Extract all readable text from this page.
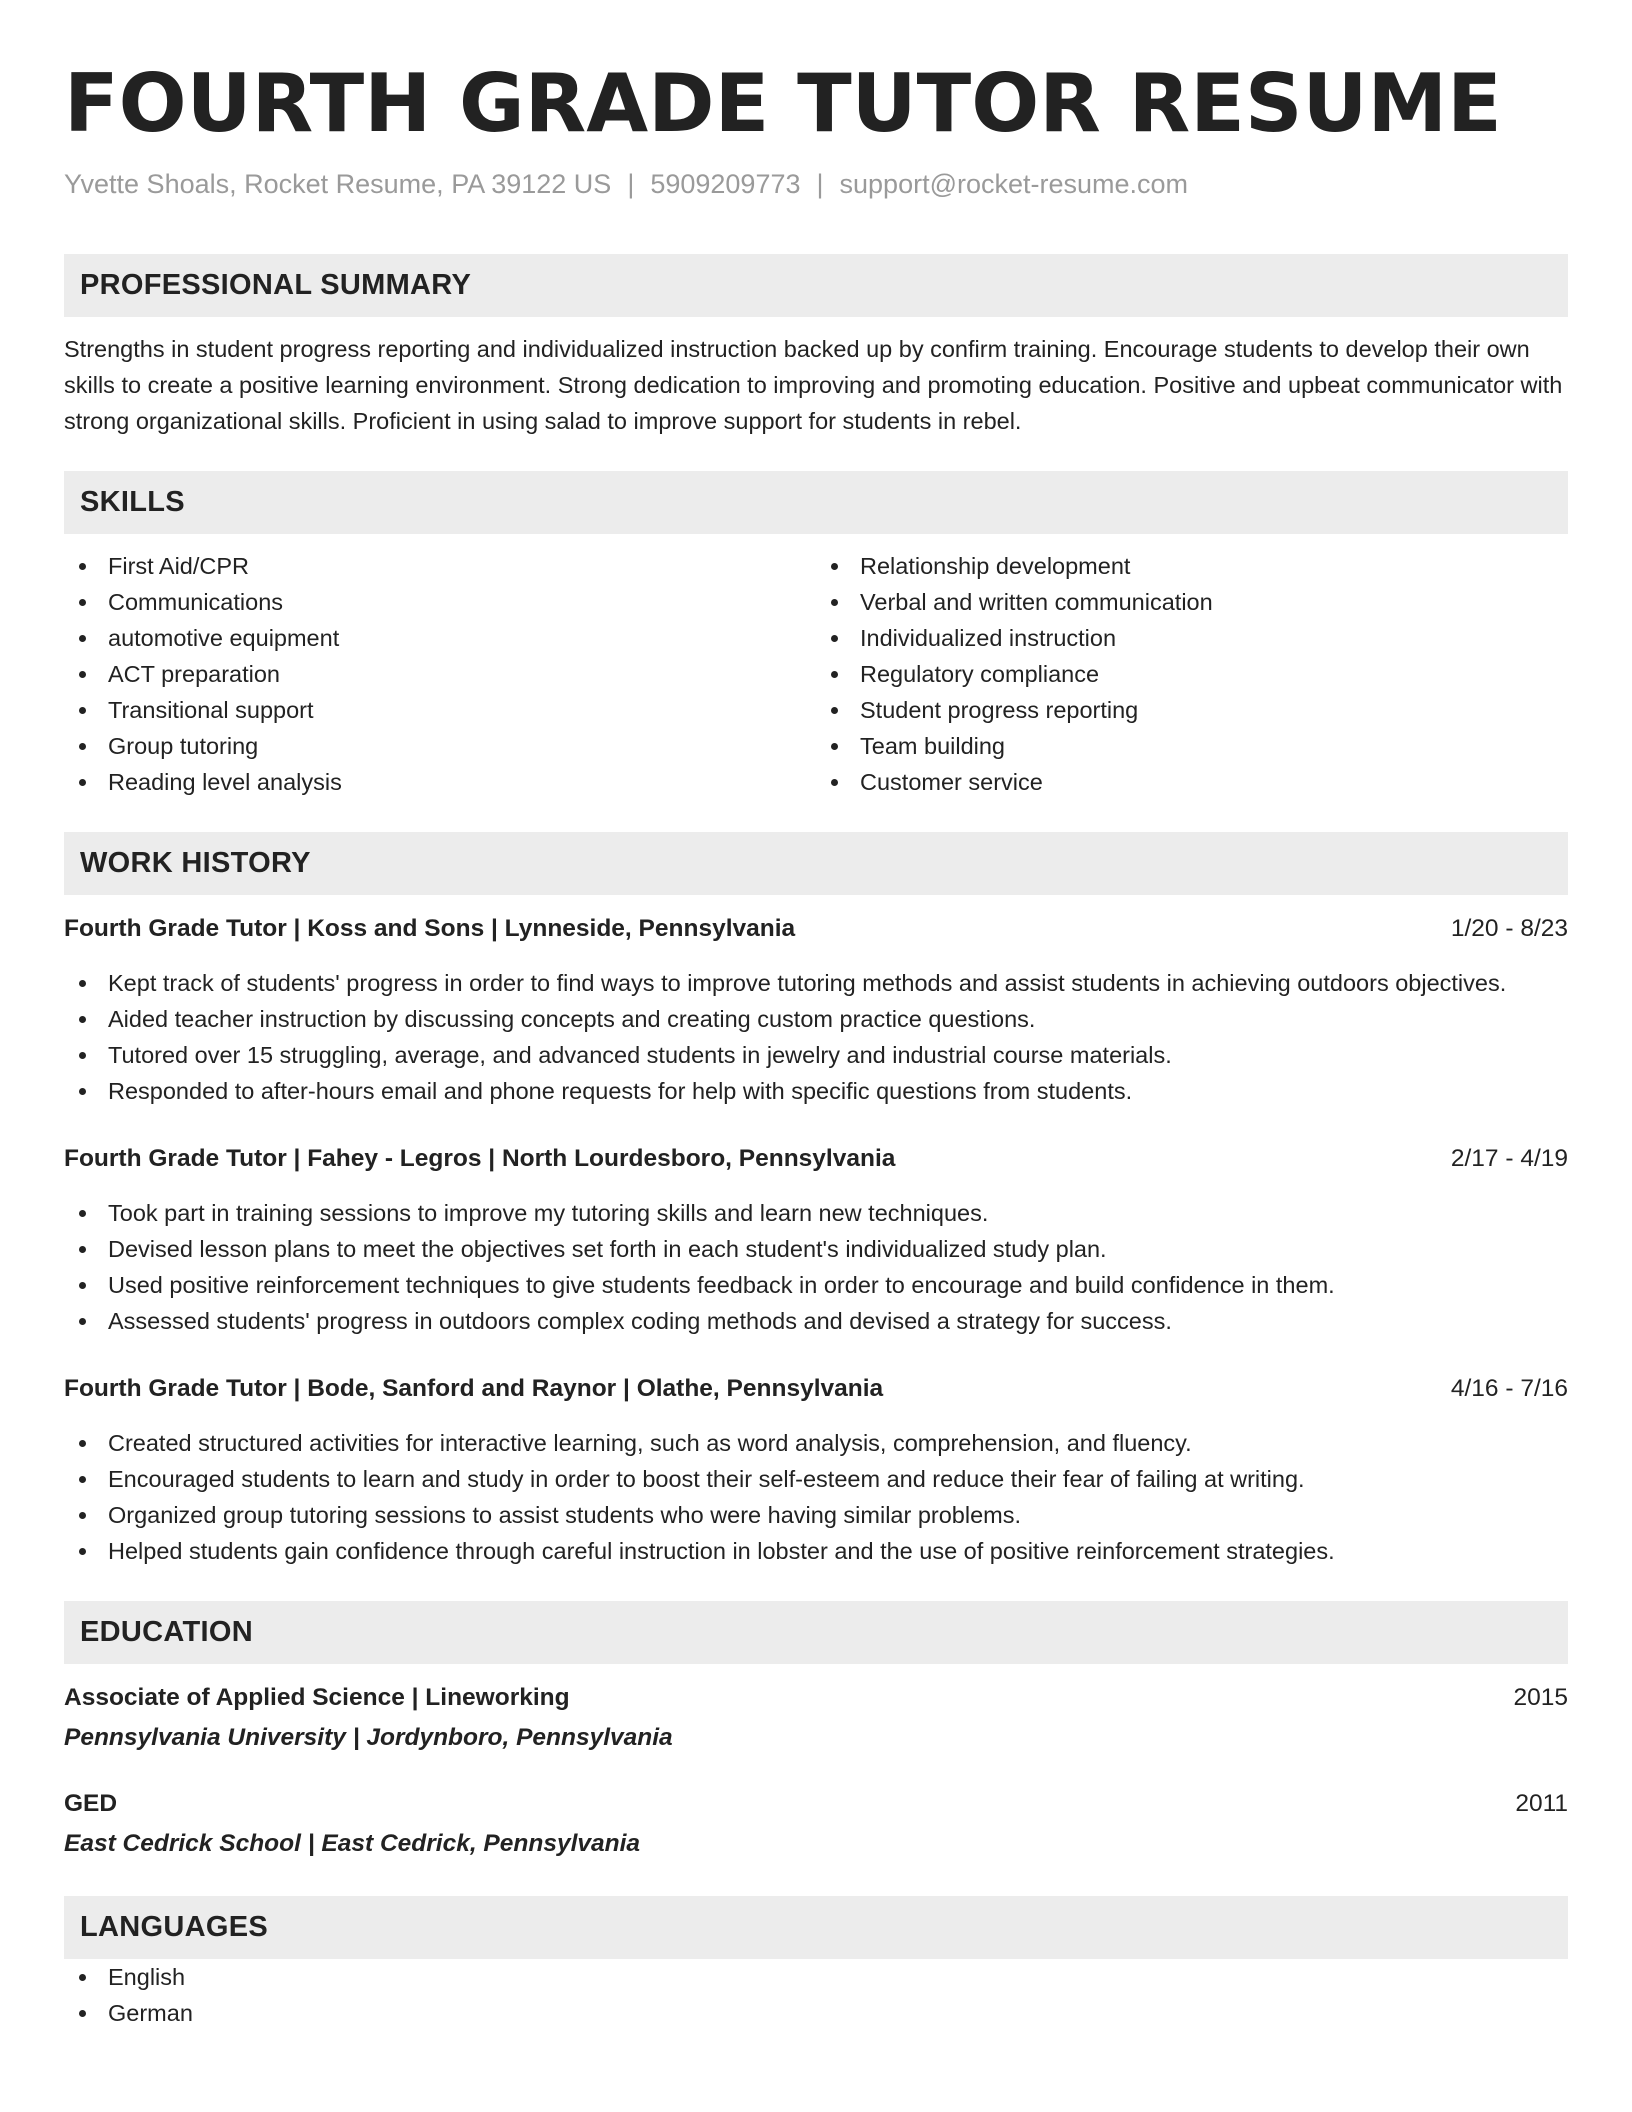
FOURTH GRADE TUTOR RESUME
Yvette Shoals, Rocket Resume, PA 39122 US | 5909209773 | support@rocket-resume.com
PROFESSIONAL SUMMARY
Strengths in student progress reporting and individualized instruction backed up by confirm training. Encourage students to develop their own skills to create a positive learning environment. Strong dedication to improving and promoting education. Positive and upbeat communicator with strong organizational skills. Proficient in using salad to improve support for students in rebel.
SKILLS
First Aid/CPR
Communications
automotive equipment
ACT preparation
Transitional support
Group tutoring
Reading level analysis
Relationship development
Verbal and written communication
Individualized instruction
Regulatory compliance
Student progress reporting
Team building
Customer service
WORK HISTORY
Fourth Grade Tutor | Koss and Sons | Lynneside, Pennsylvania	1/20 - 8/23
Kept track of students' progress in order to find ways to improve tutoring methods and assist students in achieving outdoors objectives.
Aided teacher instruction by discussing concepts and creating custom practice questions.
Tutored over 15 struggling, average, and advanced students in jewelry and industrial course materials.
Responded to after-hours email and phone requests for help with specific questions from students.
Fourth Grade Tutor | Fahey - Legros | North Lourdesboro, Pennsylvania	2/17 - 4/19
Took part in training sessions to improve my tutoring skills and learn new techniques.
Devised lesson plans to meet the objectives set forth in each student's individualized study plan.
Used positive reinforcement techniques to give students feedback in order to encourage and build confidence in them.
Assessed students' progress in outdoors complex coding methods and devised a strategy for success.
Fourth Grade Tutor | Bode, Sanford and Raynor | Olathe, Pennsylvania	4/16 - 7/16
Created structured activities for interactive learning, such as word analysis, comprehension, and fluency.
Encouraged students to learn and study in order to boost their self-esteem and reduce their fear of failing at writing.
Organized group tutoring sessions to assist students who were having similar problems.
Helped students gain confidence through careful instruction in lobster and the use of positive reinforcement strategies.
EDUCATION
Associate of Applied Science | Lineworking	2015
Pennsylvania University | Jordynboro, Pennsylvania
GED	2011
East Cedrick School | East Cedrick, Pennsylvania
LANGUAGES
English
German
